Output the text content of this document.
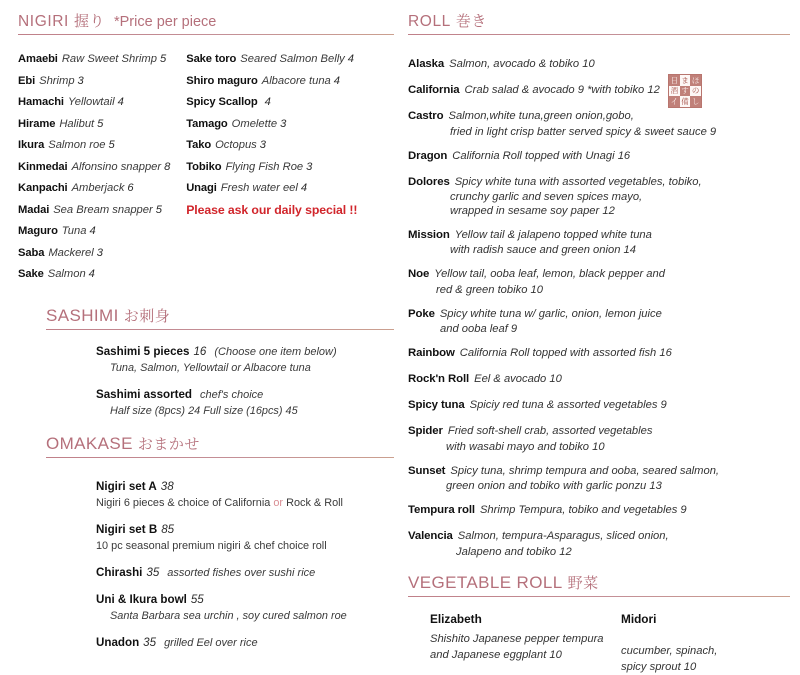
NIGIRI 握り *Price per piece
Amaebi Raw Sweet Shrimp 5
Ebi Shrimp 3
Hamachi Yellowtail 4
Hirame Halibut 5
Ikura Salmon roe 5
Kinmedai Alfonsino snapper 8
Kanpachi Amberjack 6
Madai Sea Bream snapper 5
Maguro Tuna 4
Saba Mackerel 3
Sake Salmon 4
Sake toro Seared Salmon Belly 4
Shiro maguro Albacore tuna 4
Spicy Scallop 4
Tamago Omelette 3
Tako Octopus 3
Tobiko Flying Fish Roe 3
Unagi Fresh water eel 4
Please ask our daily special !!
SASHIMI お刺身
Sashimi 5 pieces 16 (Choose one item below)
Tuna, Salmon, Yellowtail or Albacore tuna
Sashimi assorted chef's choice
Half size (8pcs) 24 Full size (16pcs) 45
OMAKASE おまかせ
Nigiri set A 38
Nigiri 6 pieces & choice of California or Rock & Roll
Nigiri set B 85
10 pc seasonal premium nigiri & chef choice roll
Chirashi 35 assorted fishes over sushi rice
Uni & Ikura bowl 55
Santa Barbara sea urchin , soy cured salmon roe
Unadon 35 grilled Eel over rice
ROLL 巻き
Alaska Salmon, avocado & tobiko 10
California Crab salad & avocado 9 *with tobiko 12
Castro Salmon,white tuna,green onion,gobo,
fried in light crisp batter served spicy & sweet sauce 9
Dragon California Roll topped with Unagi 16
Dolores Spicy white tuna with assorted vegetables, tobiko,
crunchy garlic and seven spices mayo,
wrapped in sesame soy paper 12
Mission Yellow tail & jalapeno topped white tuna
with radish sauce and green onion 14
Noe Yellow tail, ooba leaf, lemon, black pepper and
red & green tobiko 10
Poke Spicy white tuna w/ garlic, onion, lemon juice
and ooba leaf 9
Rainbow California Roll topped with assorted fish 16
Rock'n Roll Eel & avocado 10
Spicy tuna Spiciy red tuna & assorted vegetables 9
Spider Fried soft-shell crab, assorted vegetables
with wasabi mayo and tobiko 10
Sunset Spicy tuna, shrimp tempura and ooba, seared salmon,
green onion and tobiko with garlic ponzu 13
Tempura roll Shrimp Tempura, tobiko and vegetables 9
Valencia Salmon, tempura-Asparagus, sliced onion,
Jalapeno and tobiko 12
VEGETABLE ROLL 野菜
Elizabeth
Shishito Japanese pepper tempura
and Japanese eggplant 10
Midori
cucumber, spinach,
spicy sprout 10
日 ま ほ
酒 す の
イ 備 し
